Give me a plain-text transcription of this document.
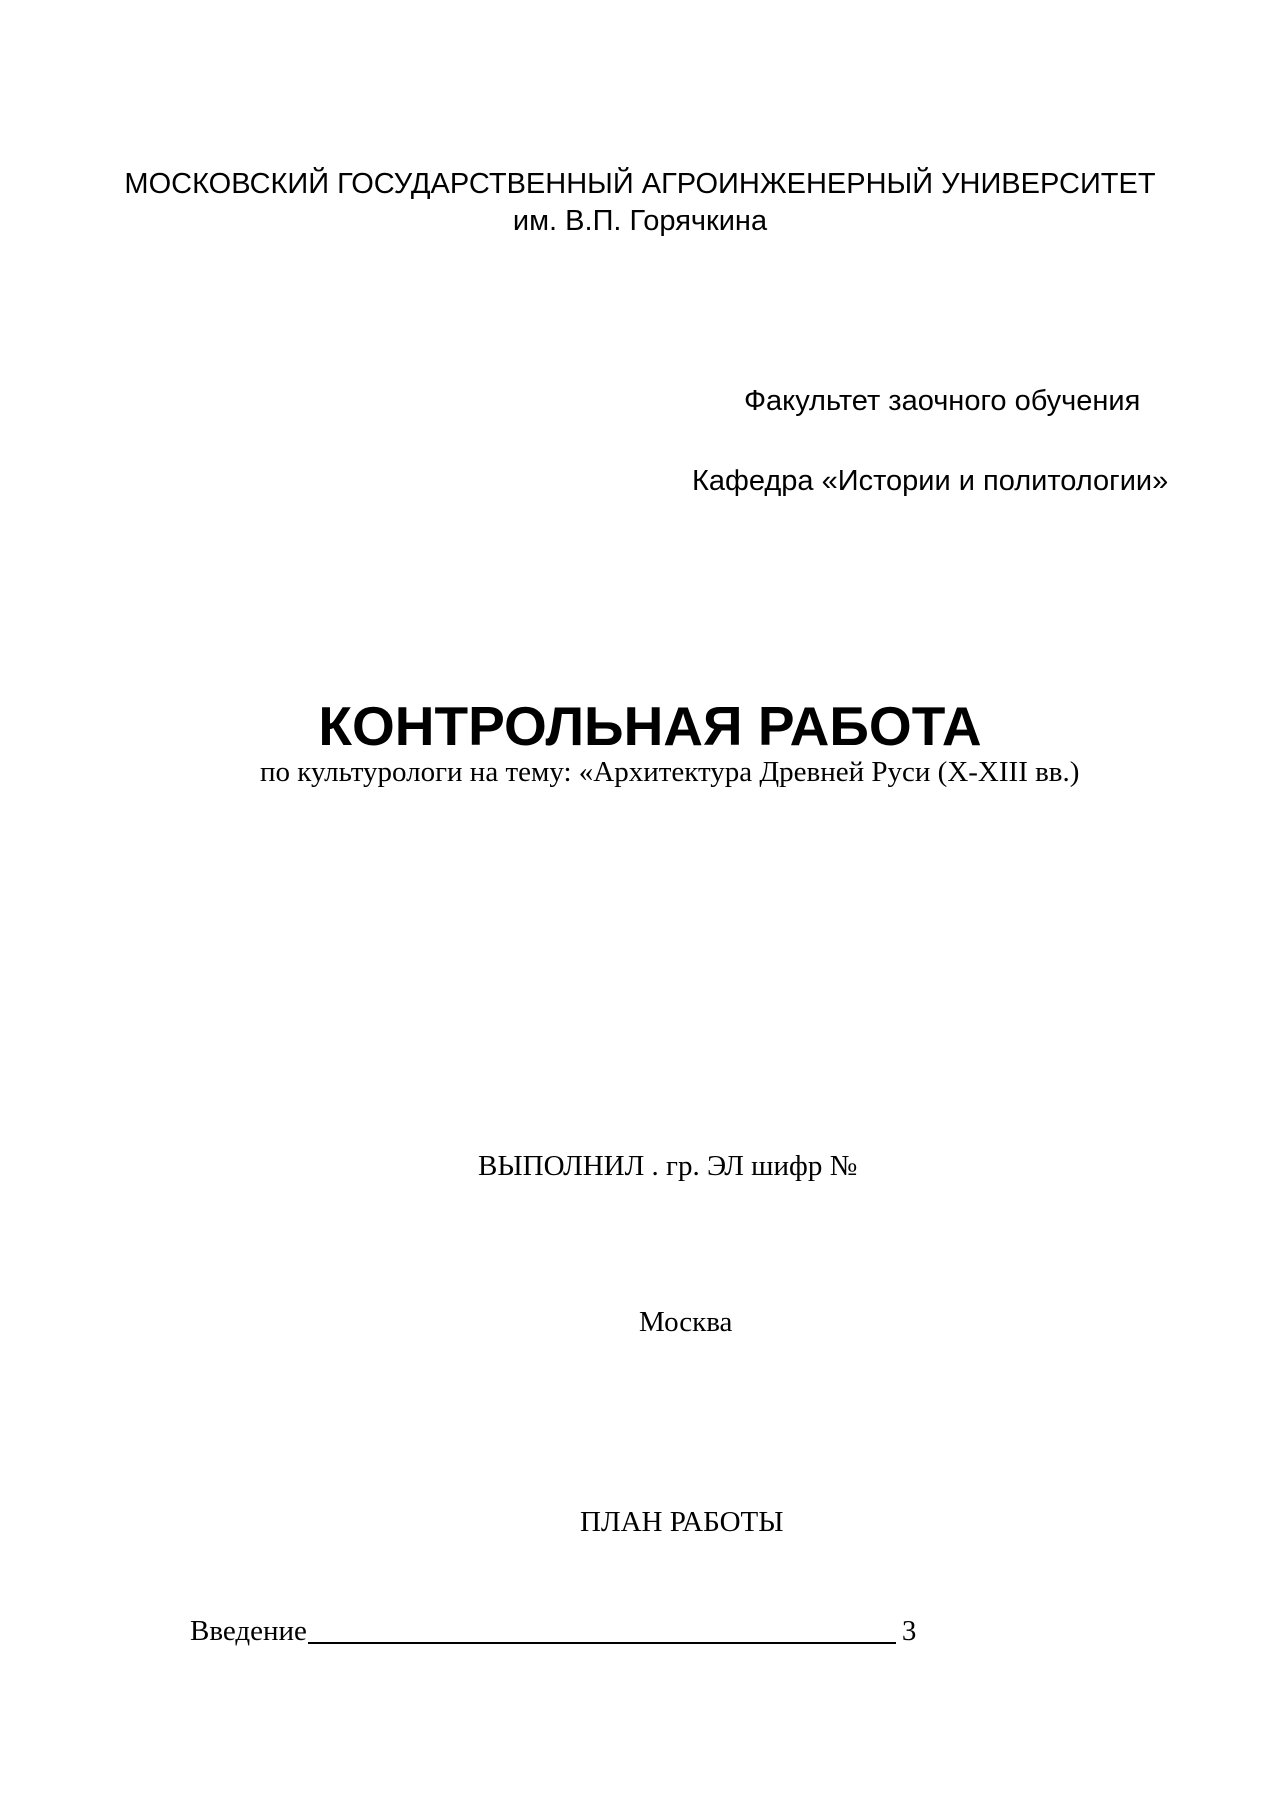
МОСКОВСКИЙ ГОСУДАРСТВЕННЫЙ АГРОИНЖЕНЕРНЫЙ УНИВЕРСИТЕТ
им. В.П. Горячкина
Факультет заочного обучения
Кафедра «Истории и политологии»
КОНТРОЛЬНАЯ РАБОТА
по культурологи на тему: «Архитектура Древней Руси (X-XIII вв.)
ВЫПОЛНИЛ . гр. ЭЛ шифр №
Москва
ПЛАН РАБОТЫ
Введение	3
